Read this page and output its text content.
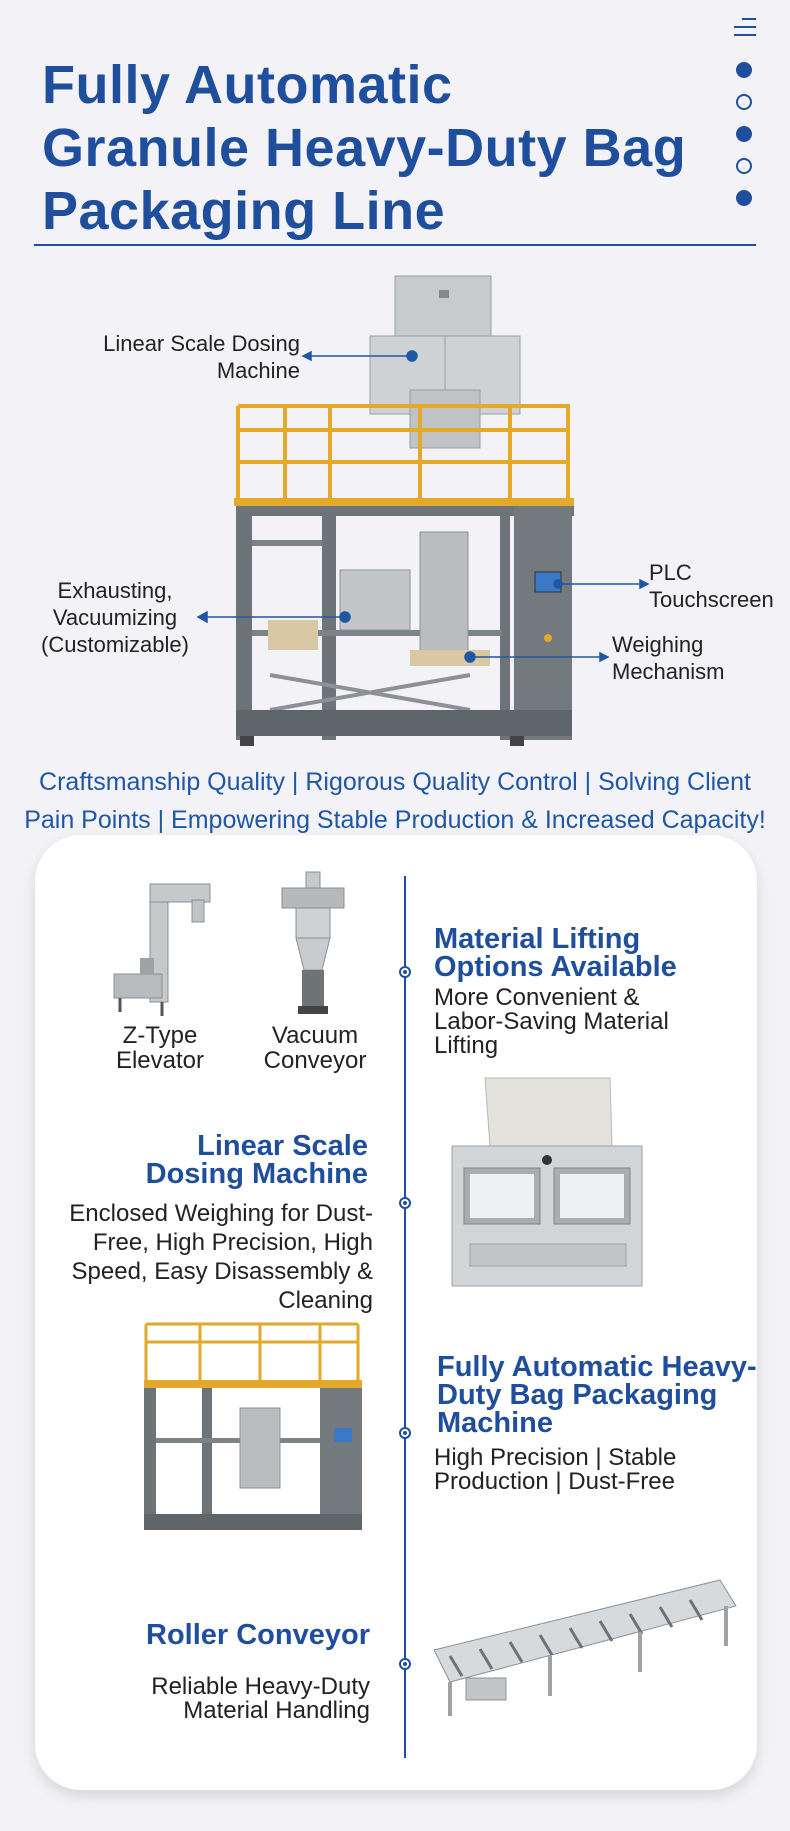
Fully Automatic
Granule Heavy-Duty Bag
Packaging Line
Linear Scale Dosing
Machine
PLC
Touchscreen
Exhausting,
Vacuumizing
(Customizable)	Weighing
Mechanism
Craftsmanship Quality | Rigorous Quality Control | Solving Client
Pain Points | Empowering Stable Production & Increased Capacity!
Z-Type
Elevator
Vacuum
Conveyor
Material Lifting
Options Available
More Convenient &
Labor-Saving Material
Lifting
Linear Scale
Dosing Machine
Enclosed Weighing for Dust-
Free, High Precision, High
Speed, Easy Disassembly &
Cleaning
Fully Automatic Heavy-
Duty Bag Packaging
Machine
High Precision | Stable
Production | Dust-Free
Roller Conveyor
Reliable Heavy-Duty
Material Handling
